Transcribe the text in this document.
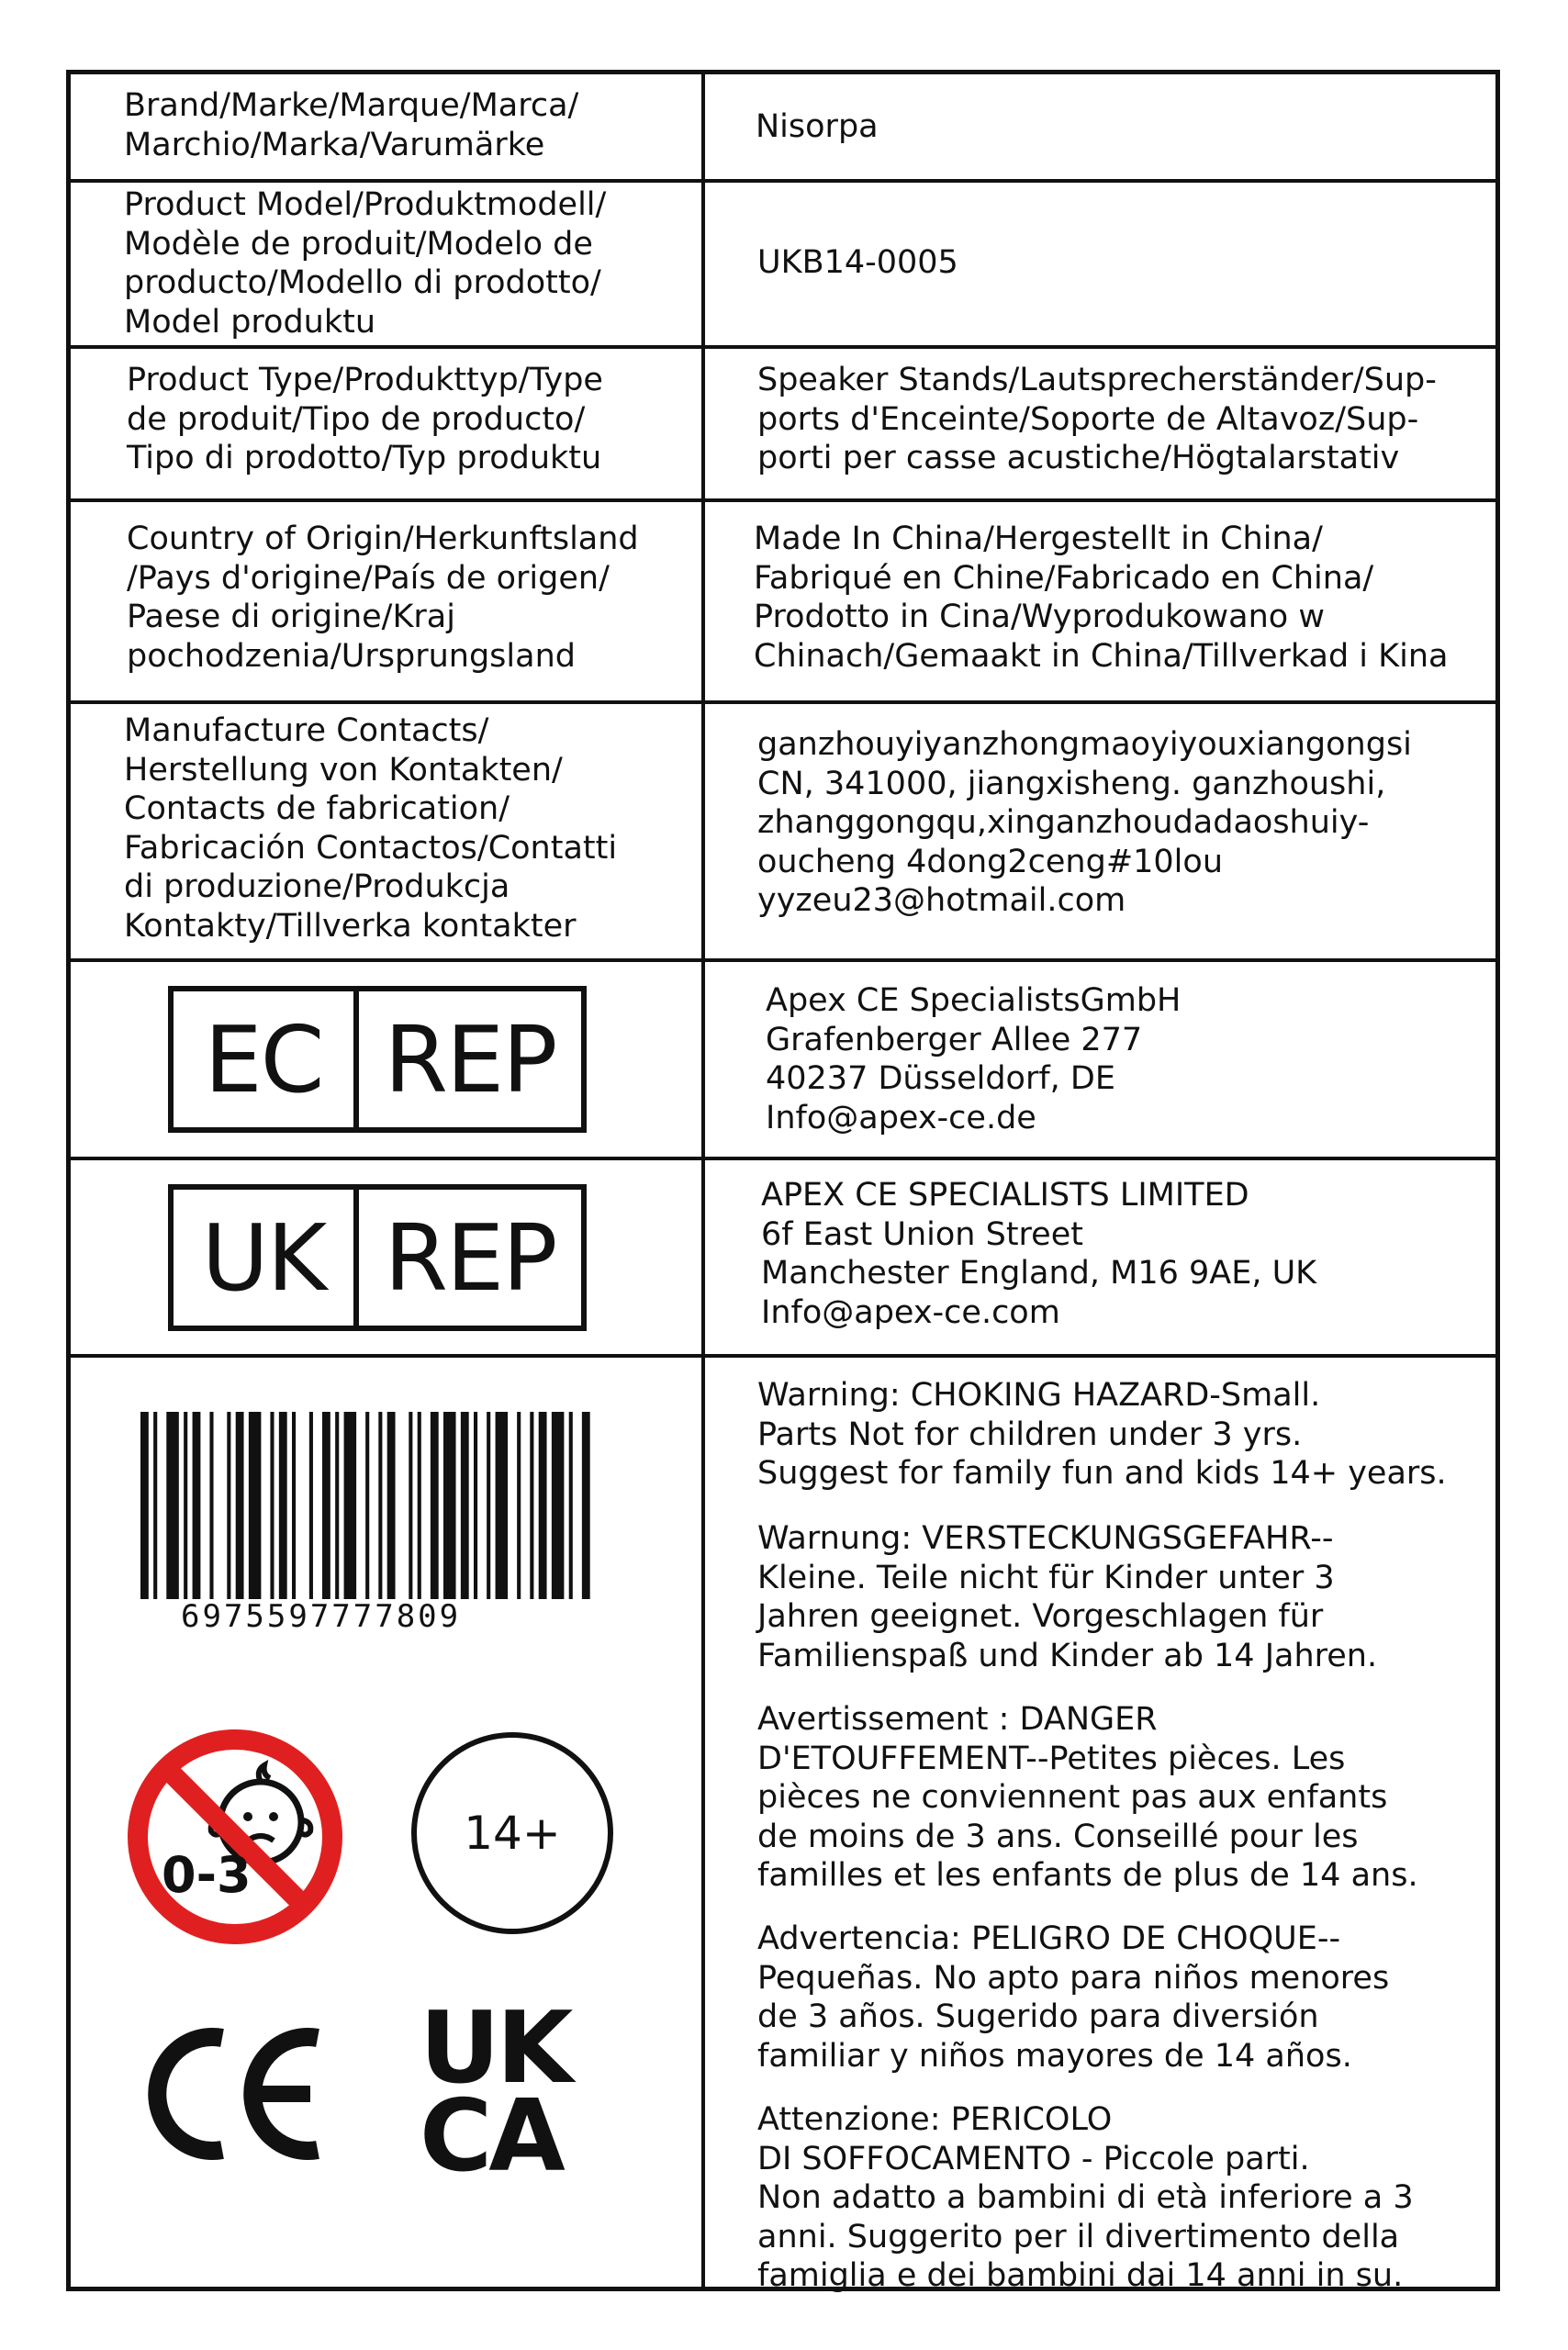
Brand/Marke/Marque/Marca/
Marchio/Marka/Varumärke	Nisorpa
Product Model/Produktmodell/
Modèle de produit/Modelo de
producto/Modello di prodotto/
Model produktu
UKB14-0005
Product Type/Produkttyp/Type
de produit/Tipo de producto/
Tipo di prodotto/Typ produktu
Speaker Stands/Lautsprecherständer/Sup-
ports d'Enceinte/Soporte de Altavoz/Sup-
porti per casse acustiche/Högtalarstativ
Country of Origin/Herkunftsland
/Pays d'origine/País de origen/
Paese di origine/Kraj
pochodzenia/Ursprungsland
Made In China/Hergestellt in China/
Fabriqué en Chine/Fabricado en China/
Prodotto in Cina/Wyprodukowano w
Chinach/Gemaakt in China/Tillverkad i Kina
Manufacture Contacts/
Herstellung von Kontakten/
Contacts de fabrication/
Fabricación Contactos/Contatti
di produzione/Produkcja
Kontakty/Tillverka kontakter
ganzhouyiyanzhongmaoyiyouxiangongsi
CN, 341000, jiangxisheng. ganzhoushi,
zhanggongqu,xinganzhoudadaoshuiy-
oucheng 4dong2ceng#10lou
yyzeu23@hotmail.com
EC REP
Apex CE SpecialistsGmbH
Grafenberger Allee 277
40237 Düsseldorf, DE
Info@apex-ce.de
UK REP
APEX CE SPECIALISTS LIMITED
6f East Union Street
Manchester England, M16 9AE, UK
Info@apex-ce.com
6975597777809
0-3
14+
UK
CA
Warning: CHOKING HAZARD-Small.
Parts Not for children under 3 yrs.
Suggest for family fun and kids 14+ years.
Warnung: VERSTECKUNGSGEFAHR--
Kleine. Teile nicht für Kinder unter 3
Jahren geeignet. Vorgeschlagen für
Familienspaß und Kinder ab 14 Jahren.
Avertissement : DANGER
D'ETOUFFEMENT--Petites pièces. Les
pièces ne conviennent pas aux enfants
de moins de 3 ans. Conseillé pour les
familles et les enfants de plus de 14 ans.
Advertencia: PELIGRO DE CHOQUE--
Pequeñas. No apto para niños menores
de 3 años. Sugerido para diversión
familiar y niños mayores de 14 años.
Attenzione: PERICOLO
DI SOFFOCAMENTO - Piccole parti.
Non adatto a bambini di età inferiore a 3
anni. Suggerito per il divertimento della
famiglia e dei bambini dai 14 anni in su.
